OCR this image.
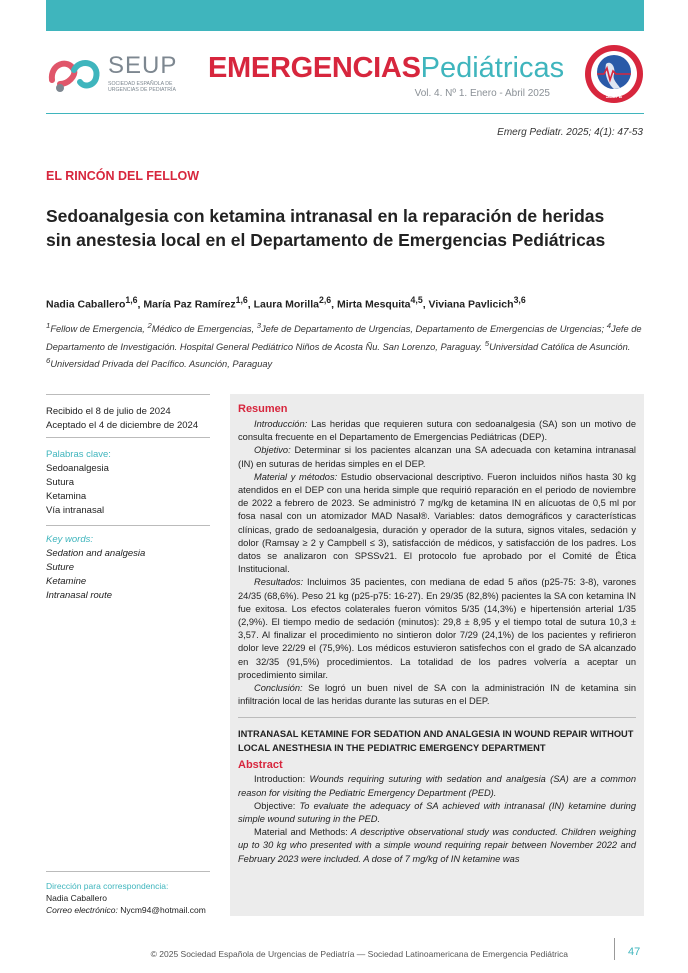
SEUP
SOCIEDAD ESPAÑOLA DE URGENCIAS DE PEDIATRÍA
EMERGENCIASPediátricas
Vol. 4. Nº 1. Enero - Abril 2025	SLEPE
Emerg Pediatr. 2025; 4(1): 47-53
EL RINCÓN DEL FELLOW
Sedoanalgesia con ketamina intranasal en la reparación de heridas sin anestesia local en el Departamento de Emergencias Pediátricas
Nadia Caballero$^{1,6}$, María Paz Ramírez$^{1,6}$, Laura Morilla$^{2,6}$, Mirta Mesquita$^{4,5}$, Viviana Pavlicich$^{3,6}$
$^1$Fellow de Emergencia, $^2$Médico de Emergencias, $^3$Jefe de Departamento de Urgencias, Departamento de Emergencias de Urgencias; $^4$Jefe de Departamento de Investigación. Hospital General Pediátrico Niños de Acosta Ñu. San Lorenzo, Paraguay. $^5$Universidad Católica de Asunción. $^6$Universidad Privada del Pacífico. Asunción, Paraguay
Recibido el 8 de julio de 2024
Aceptado el 4 de diciembre de 2024
Palabras clave:
Sedoanalgesia
Sutura
Ketamina
Vía intranasal
Key words:
Sedation and analgesia
Suture
Ketamine
Intranasal route
Dirección para correspondencia:
Nadia Caballero
Correo electrónico: Nycm94@hotmail.com
Resumen

Introducción: Las heridas que requieren sutura con sedoanalgesia (SA) son un motivo de consulta frecuente en el Departamento de Emergencias Pediátricas (DEP).

Objetivo: Determinar si los pacientes alcanzan una SA adecuada con ketamina intranasal (IN) en suturas de heridas simples en el DEP.

Material y métodos: Estudio observacional descriptivo. Fueron incluidos niños hasta 30 kg atendidos en el DEP con una herida simple que requirió reparación en el periodo de noviembre de 2022 a febrero de 2023. Se administró 7 mg/kg de ketamina IN en alícuotas de 0,5 ml por fosa nasal con un atomizador MAD Nasal®. Variables: datos demográficos y características clínicas, grado de sedoanalgesia, duración y operador de la sutura, signos vitales, sedación y dolor (Ramsay ≥ 2 y Campbell ≤ 3), satisfacción de médicos, y satisfacción de los padres. Los datos se analizaron con SPSSv21. El protocolo fue aprobado por el Comité de Ética Institucional.

Resultados: Incluimos 35 pacientes, con mediana de edad 5 años (p25-75: 3-8), varones 24/35 (68,6%). Peso 21 kg (p25-p75: 16-27). En 29/35 (82,8%) pacientes la SA con ketamina IN fue exitosa. Los efectos colaterales fueron vómitos 5/35 (14,3%) e hipertensión arterial 1/35 (2,9%). El tiempo medio de sedación (minutos): 29,8 ± 8,95 y el tiempo total de sutura 10,3 ± 3,57. Al finalizar el procedimiento no sintieron dolor 7/29 (24,1%) de los pacientes y refirieron dolor leve 22/29 el (75,9%). Los médicos estuvieron satisfechos con el grado de SA alcanzado en 32/35 (91,5%) procedimientos. La totalidad de los padres volvería a aceptar un procedimiento similar.

Conclusión: Se logró un buen nivel de SA con la administración IN de ketamina sin infiltración local de las heridas durante las suturas en el DEP.

INTRANASAL KETAMINE FOR SEDATION AND ANALGESIA IN WOUND REPAIR WITHOUT LOCAL ANESTHESIA IN THE PEDIATRIC EMERGENCY DEPARTMENT
Abstract

Introduction: Wounds requiring suturing with sedation and analgesia (SA) are a common reason for visiting the Pediatric Emergency Department (PED).

Objective: To evaluate the adequacy of SA achieved with intranasal (IN) ketamine during simple wound suturing in the PED.

Material and Methods: A descriptive observational study was conducted. Children weighing up to 30 kg who presented with a simple wound requiring repair between November 2022 and February 2023 were included. A dose of 7 mg/kg of IN ketamine was

© 2025 Sociedad Española de Urgencias de Pediatría — Sociedad Latinoamericana de Emergencia Pediátrica	47
